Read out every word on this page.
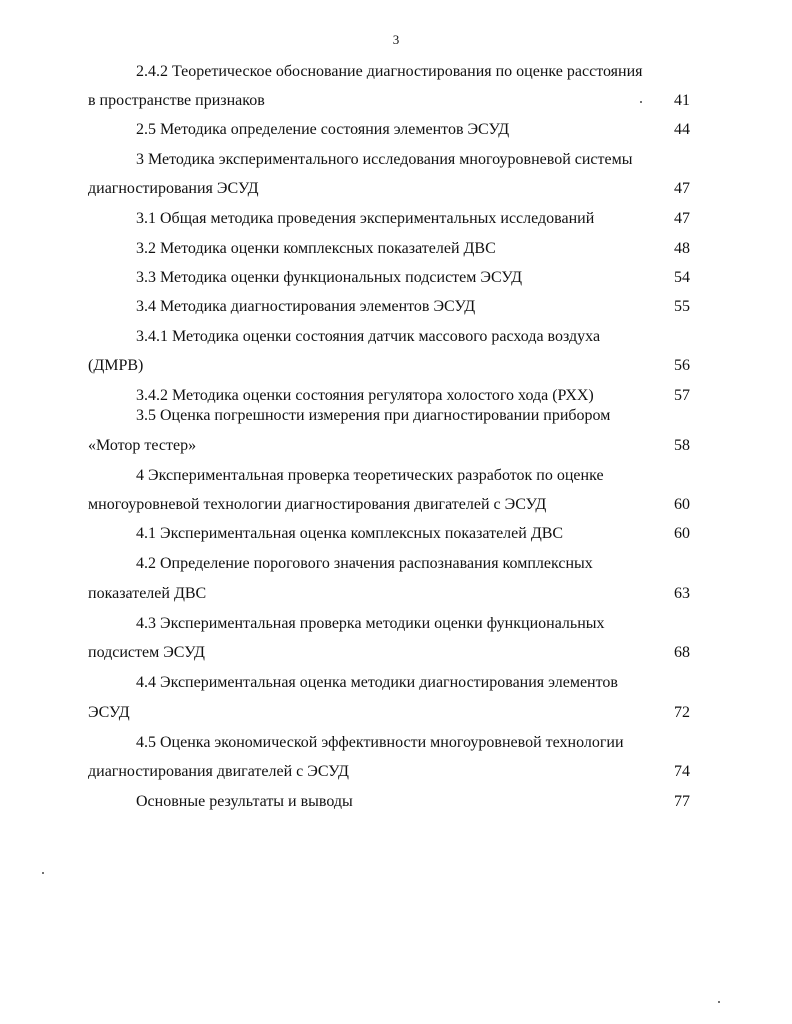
3
2.4.2 Теоретическое обоснование диагностирования по оценке расстояния
в пространстве признаков	41
2.5 Методика определение состояния элементов ЭСУД	44
3 Методика экспериментального исследования многоуровневой системы
диагностирования ЭСУД	47
3.1 Общая методика проведения экспериментальных исследований	47
3.2 Методика оценки комплексных показателей ДВС	48
3.3 Методика оценки функциональных подсистем ЭСУД	54
3.4 Методика диагностирования элементов ЭСУД	55
3.4.1 Методика оценки состояния датчик массового расхода воздуха
(ДМРВ)	56
3.4.2 Методика оценки состояния регулятора холостого хода (РХХ)	57
3.5 Оценка погрешности измерения при диагностировании прибором
«Мотор тестер»	58
4 Экспериментальная проверка теоретических разработок по оценке
многоуровневой технологии диагностирования двигателей с ЭСУД	60
4.1 Экспериментальная оценка комплексных показателей ДВС	60
4.2 Определение порогового значения распознавания комплексных
показателей ДВС	63
4.3 Экспериментальная проверка методики оценки функциональных
подсистем ЭСУД	68
4.4 Экспериментальная оценка методики диагностирования элементов
ЭСУД	72
4.5 Оценка экономической эффективности многоуровневой технологии
диагностирования двигателей с ЭСУД	74
Основные результаты и выводы	77
